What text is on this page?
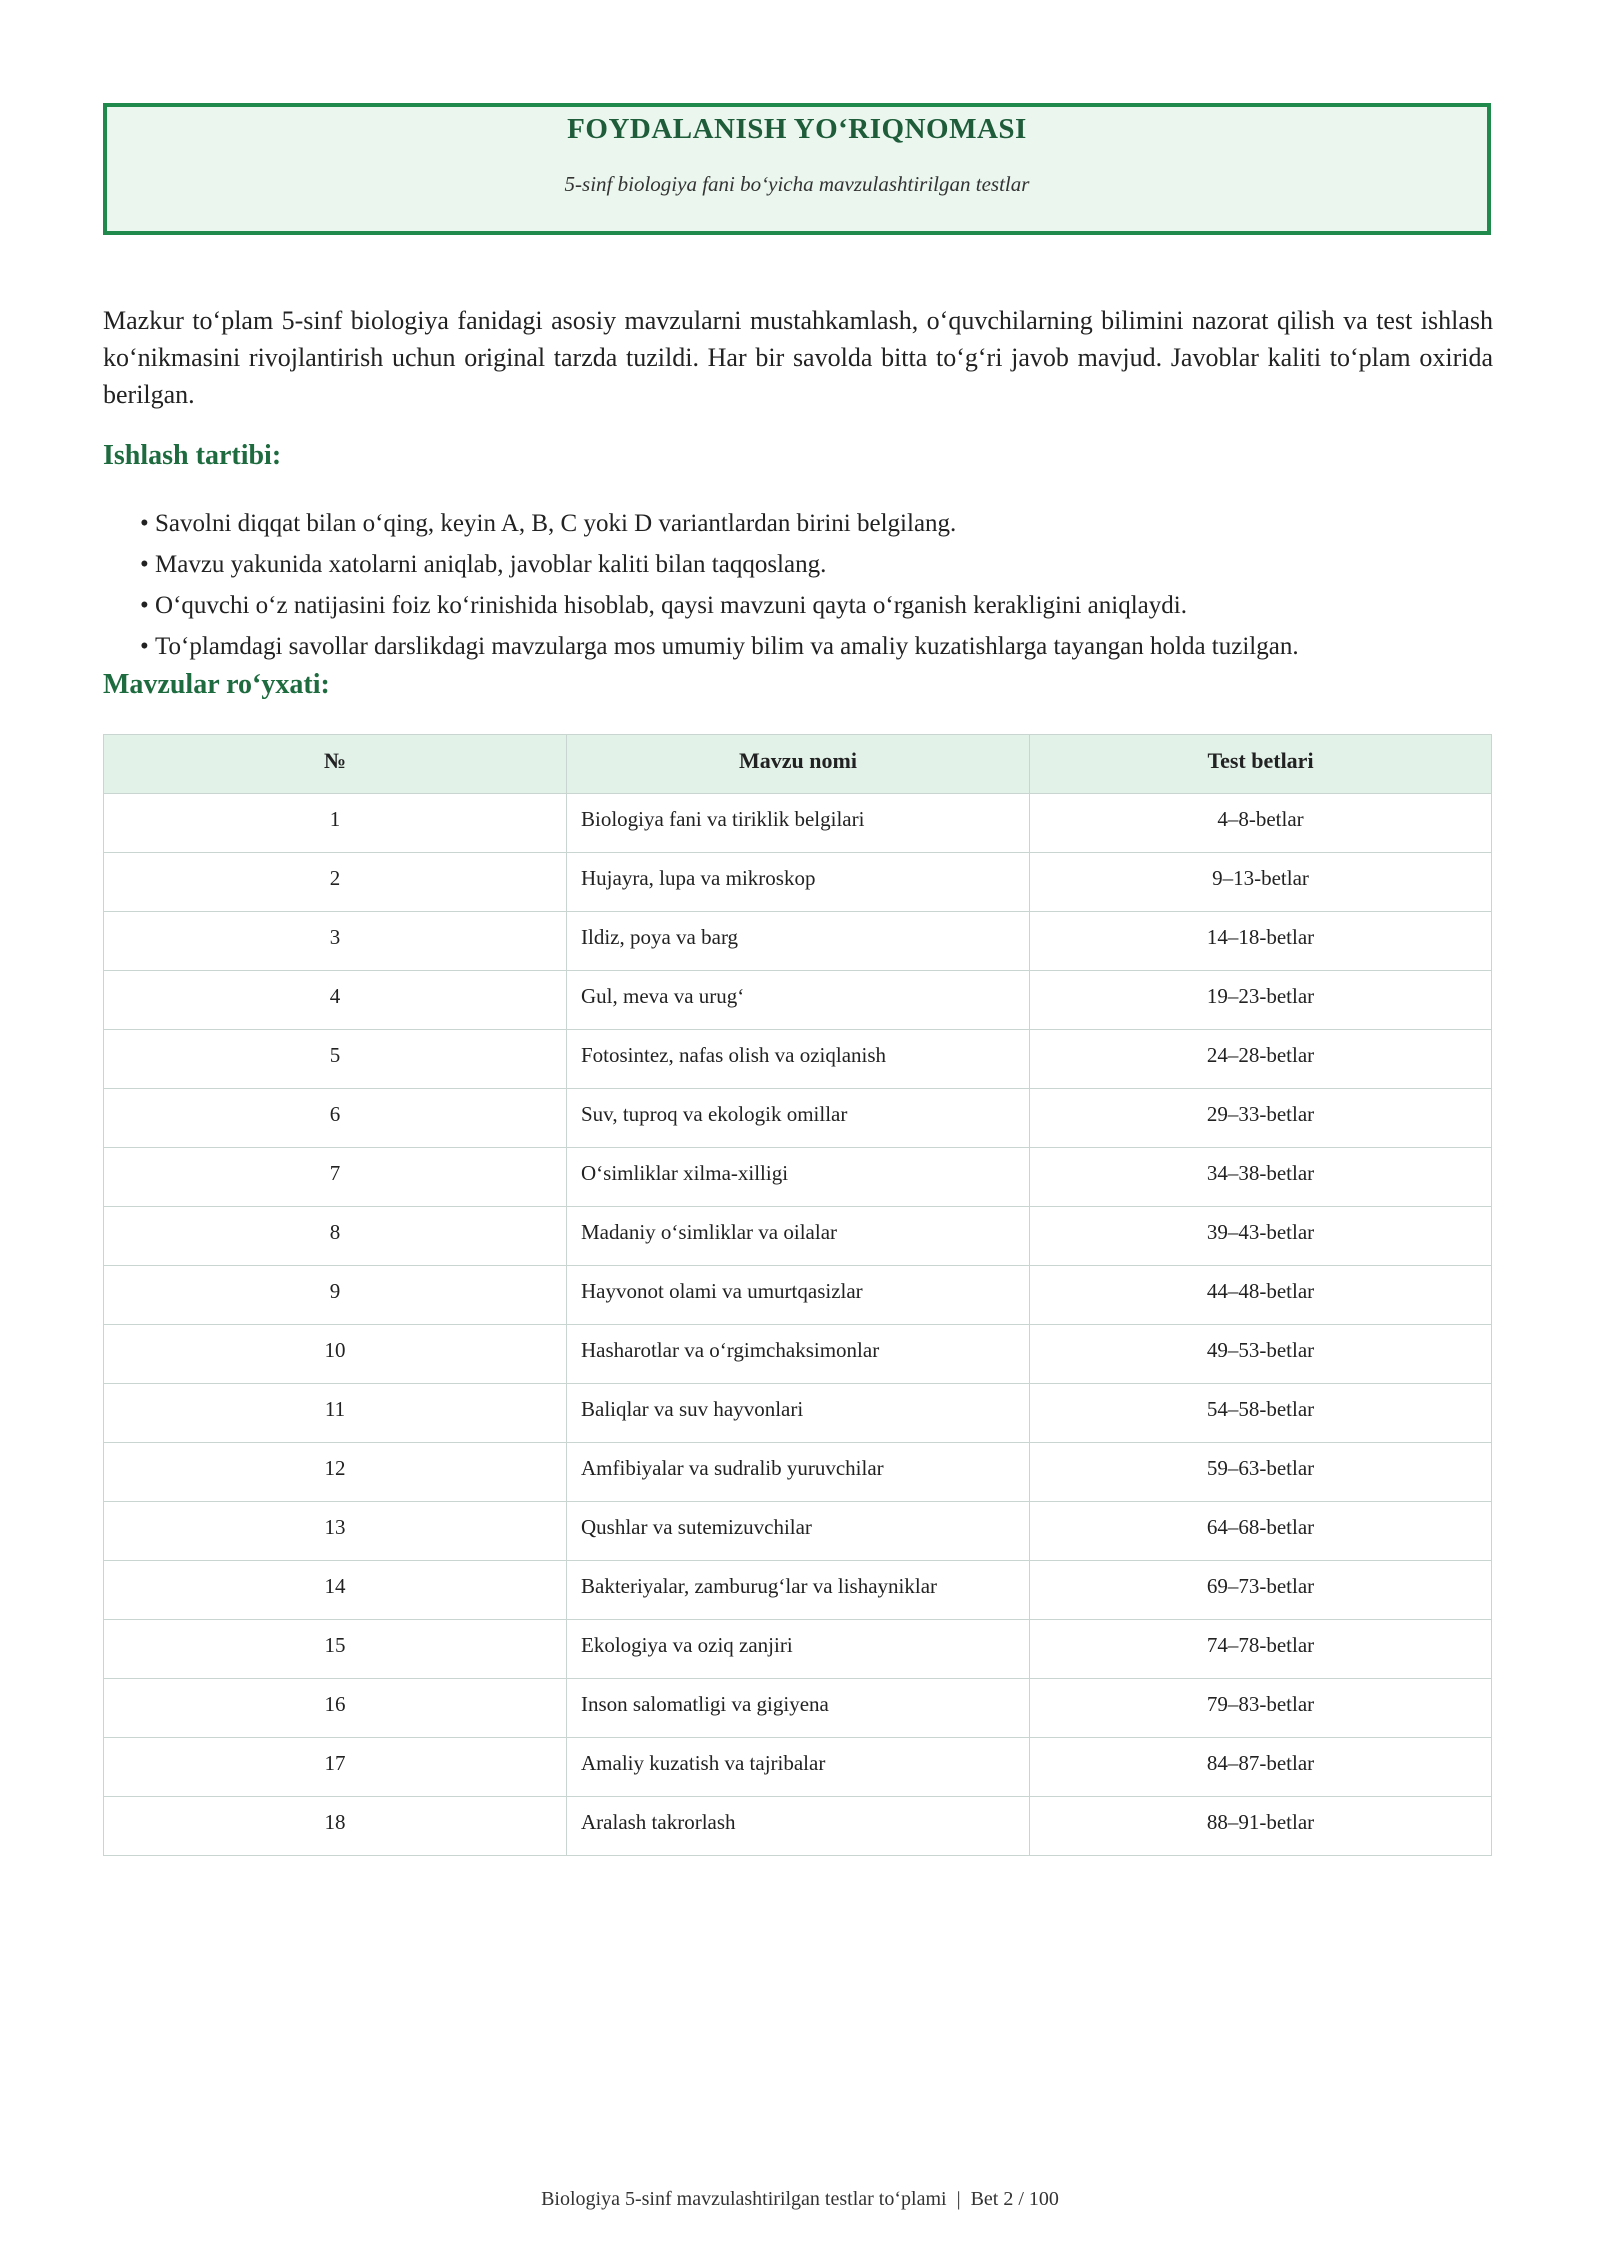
FOYDALANISH YO‘RIQNOMASI
5-sinf biologiya fani bo‘yicha mavzulashtirilgan testlar

Mazkur to‘plam 5-sinf biologiya fanidagi asosiy mavzularni mustahkamlash, o‘quvchilarning bilimini nazorat qilish va test ishlash ko‘nikmasini rivojlantirish uchun original tarzda tuzildi. Har bir savolda bitta to‘g‘ri javob mavjud. Javoblar kaliti to‘plam oxirida berilgan.

Ishlash tartibi:
• Savolni diqqat bilan o‘qing, keyin A, B, C yoki D variantlardan birini belgilang.
• Mavzu yakunida xatolarni aniqlab, javoblar kaliti bilan taqqoslang.
• O‘quvchi o‘z natijasini foiz ko‘rinishida hisoblab, qaysi mavzuni qayta o‘rganish kerakligini aniqlaydi.
• To‘plamdagi savollar darslikdagi mavzularga mos umumiy bilim va amaliy kuzatishlarga tayangan holda tuzilgan.
Mavzular ro‘yxati:
№	Mavzu nomi	Test betlari
1	Biologiya fani va tiriklik belgilari	4–8-betlar
2	Hujayra, lupa va mikroskop	9–13-betlar
3	Ildiz, poya va barg	14–18-betlar
4	Gul, meva va urug‘	19–23-betlar
5	Fotosintez, nafas olish va oziqlanish	24–28-betlar
6	Suv, tuproq va ekologik omillar	29–33-betlar
7	O‘simliklar xilma-xilligi	34–38-betlar
8	Madaniy o‘simliklar va oilalar	39–43-betlar
9	Hayvonot olami va umurtqasizlar	44–48-betlar
10	Hasharotlar va o‘rgimchaksimonlar	49–53-betlar
11	Baliqlar va suv hayvonlari	54–58-betlar
12	Amfibiyalar va sudralib yuruvchilar	59–63-betlar
13	Qushlar va sutemizuvchilar	64–68-betlar
14	Bakteriyalar, zamburug‘lar va lishayniklar	69–73-betlar
15	Ekologiya va oziq zanjiri	74–78-betlar
16	Inson salomatligi va gigiyena	79–83-betlar
17	Amaliy kuzatish va tajribalar	84–87-betlar
18	Aralash takrorlash	88–91-betlar
Biologiya 5-sinf mavzulashtirilgan testlar to‘plami  |  Bet 2 / 100
